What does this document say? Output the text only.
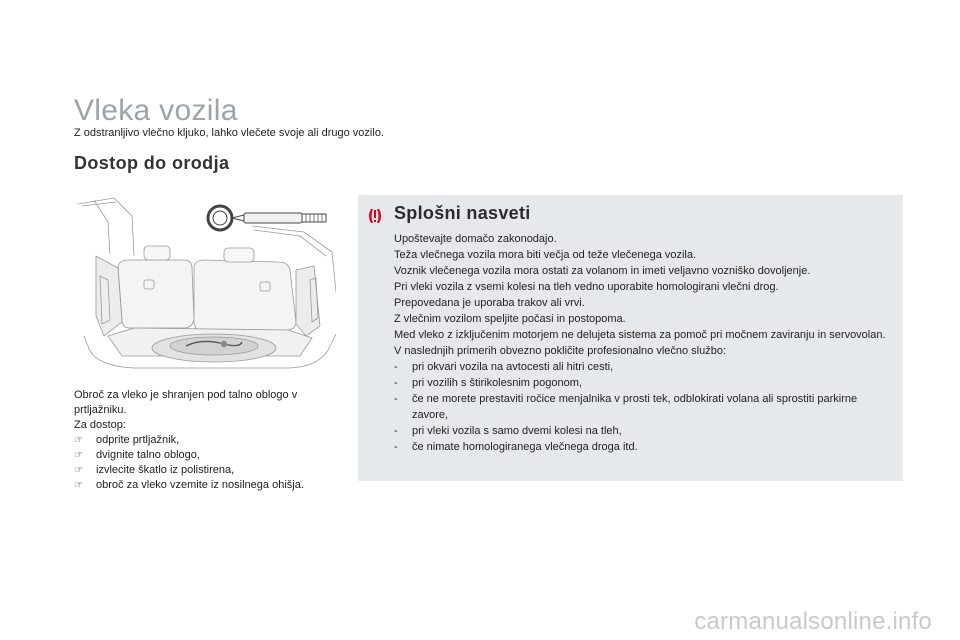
Vleka vozila
Z odstranljivo vlečno kljuko, lahko vlečete svoje ali drugo vozilo.
Dostop do orodja

Obroč za vleko je shranjen pod talno oblogo v prtljažniku.

Za dostop:

☞	odprite prtljažnik,
☞	dvignite talno oblogo,
☞	izvlecite škatlo iz polistirena,
☞	obroč za vleko vzemite iz nosilnega ohišja.
Splošni nasveti

Upoštevajte domačo zakonodajo.

Teža vlečnega vozila mora biti večja od teže vlečenega vozila.

Voznik vlečenega vozila mora ostati za volanom in imeti veljavno vozniško dovoljenje.

Pri vleki vozila z vsemi kolesi na tleh vedno uporabite homologirani vlečni drog.

Prepovedana je uporaba trakov ali vrvi.

Z vlečnim vozilom speljite počasi in postopoma.

Med vleko z izključenim motorjem ne delujeta sistema za pomoč pri močnem zaviranju in servovolan.

V naslednjih primerih obvezno pokličite profesionalno vlečno službo:

-	pri okvari vozila na avtocesti ali hitri cesti,
-	pri vozilih s štirikolesnim pogonom,
-	če ne morete prestaviti ročice menjalnika v prosti tek, odblokirati volana ali sprostiti parkirne zavore,
-	pri vleki vozila s samo dvemi kolesi na tleh,
-	če nimate homologiranega vlečnega droga itd.
carmanualsonline.info
